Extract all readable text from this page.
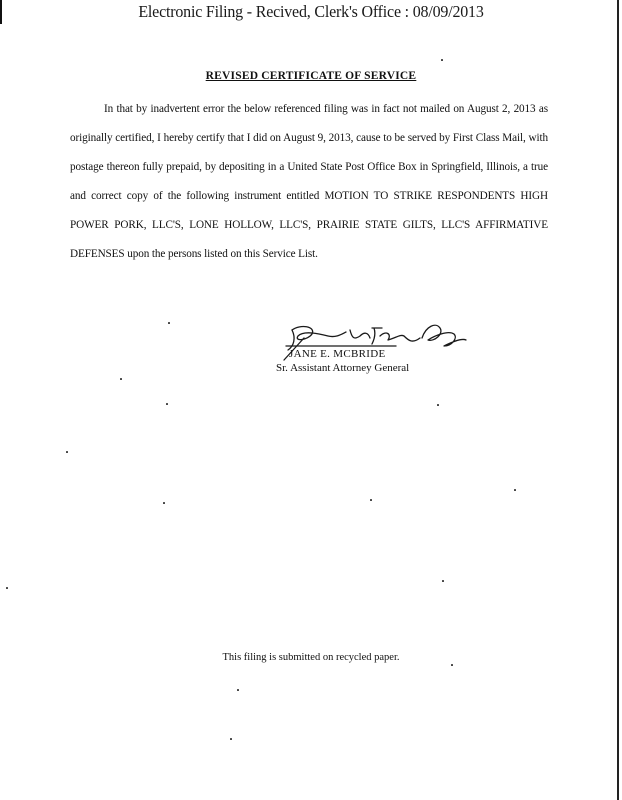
Electronic Filing - Recived, Clerk's Office : 08/09/2013
REVISED CERTIFICATE OF SERVICE
In that by inadvertent error the below referenced filing was in fact not mailed on August 2, 2013 as originally certified, I hereby certify that I did on August 9, 2013, cause to be served by First Class Mail, with postage thereon fully prepaid, by depositing in a United State Post Office Box in Springfield, Illinois, a true and correct copy of the following instrument entitled MOTION TO STRIKE RESPONDENTS HIGH POWER PORK, LLC'S, LONE HOLLOW, LLC'S, PRAIRIE STATE GILTS, LLC'S AFFIRMATIVE DEFENSES upon the persons listed on this Service List.
JANE E. MCBRIDE
Sr. Assistant Attorney General
This filing is submitted on recycled paper.
